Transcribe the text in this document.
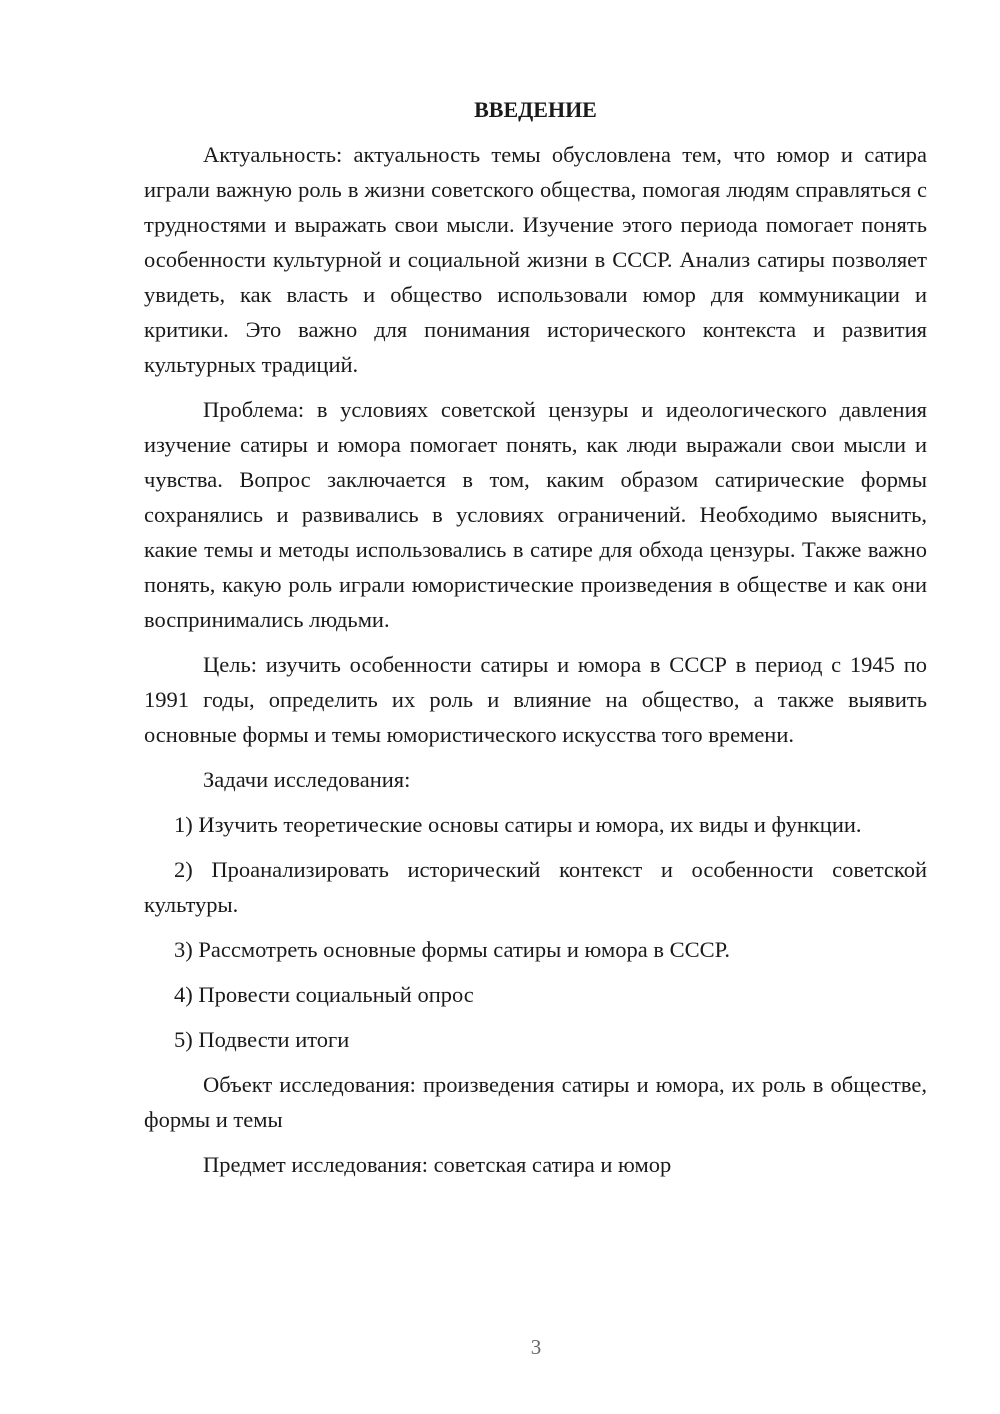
ВВЕДЕНИЕ

Актуальность: актуальность темы обусловлена тем, что юмор и сатира играли важную роль в жизни советского общества, помогая людям справляться с трудностями и выражать свои мысли. Изучение этого периода помогает понять особенности культурной и социальной жизни в СССР. Анализ сатиры позволяет увидеть, как власть и общество использовали юмор для коммуникации и критики. Это важно для понимания исторического контекста и развития культурных традиций.

Проблема: в условиях советской цензуры и идеологического давления изучение сатиры и юмора помогает понять, как люди выражали свои мысли и чувства. Вопрос заключается в том, каким образом сатирические формы сохранялись и развивались в условиях ограничений. Необходимо выяснить, какие темы и методы использовались в сатире для обхода цензуры. Также важно понять, какую роль играли юмористические произведения в обществе и как они воспринимались людьми.

Цель: изучить особенности сатиры и юмора в СССР в период с 1945 по 1991 годы, определить их роль и влияние на общество, а также выявить основные формы и темы юмористического искусства того времени.

Задачи исследования:

1) Изучить теоретические основы сатиры и юмора, их виды и функции.

2) Проанализировать исторический контекст и особенности советской культуры.

3) Рассмотреть основные формы сатиры и юмора в СССР.

4) Провести социальный опрос

5) Подвести итоги

Объект исследования: произведения сатиры и юмора, их роль в обществе, формы и темы

Предмет исследования: советская сатира и юмор

3
